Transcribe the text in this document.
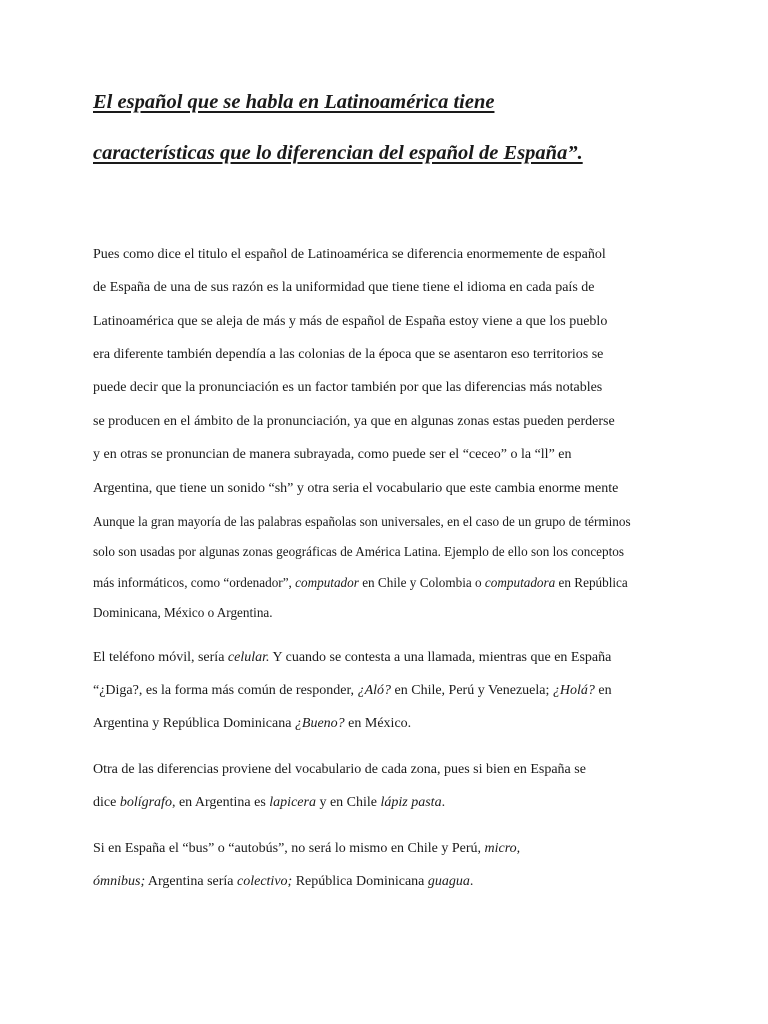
El español que se habla en Latinoamérica tiene
características que lo diferencian del español de España”.

Pues como dice el titulo el español de Latinoamérica se diferencia enormemente de español

de España de una de sus razón es la uniformidad que tiene tiene el idioma en cada país de

Latinoamérica que se aleja de más y más de español de España estoy viene a que los pueblo

era diferente también dependía a las colonias de la época que se asentaron eso territorios se

puede decir que la pronunciación es un factor también por que las diferencias más notables

se producen en el ámbito de la pronunciación, ya que en algunas zonas estas pueden perderse

y en otras se pronuncian de manera subrayada, como puede ser el “ceceo” o la “ll” en

Argentina, que tiene un sonido “sh” y otra seria el vocabulario que este cambia enorme mente

Aunque la gran mayoría de las palabras españolas son universales, en el caso de un grupo de términos

solo son usadas por algunas zonas geográficas de América Latina. Ejemplo de ello son los conceptos

más informáticos, como “ordenador”, computador en Chile y Colombia o computadora en República

Dominicana, México o Argentina.

El teléfono móvil, sería celular. Y cuando se contesta a una llamada, mientras que en España

“¿Diga?, es la forma más común de responder, ¿Aló? en Chile, Perú y Venezuela; ¿Holá? en

Argentina y República Dominicana ¿Bueno? en México.

Otra de las diferencias proviene del vocabulario de cada zona, pues si bien en España se

dice bolígrafo, en Argentina es lapicera y en Chile lápiz pasta.

Si en España el “bus” o “autobús”, no será lo mismo en Chile y Perú, micro,

ómnibus; Argentina sería colectivo; República Dominicana guagua.
